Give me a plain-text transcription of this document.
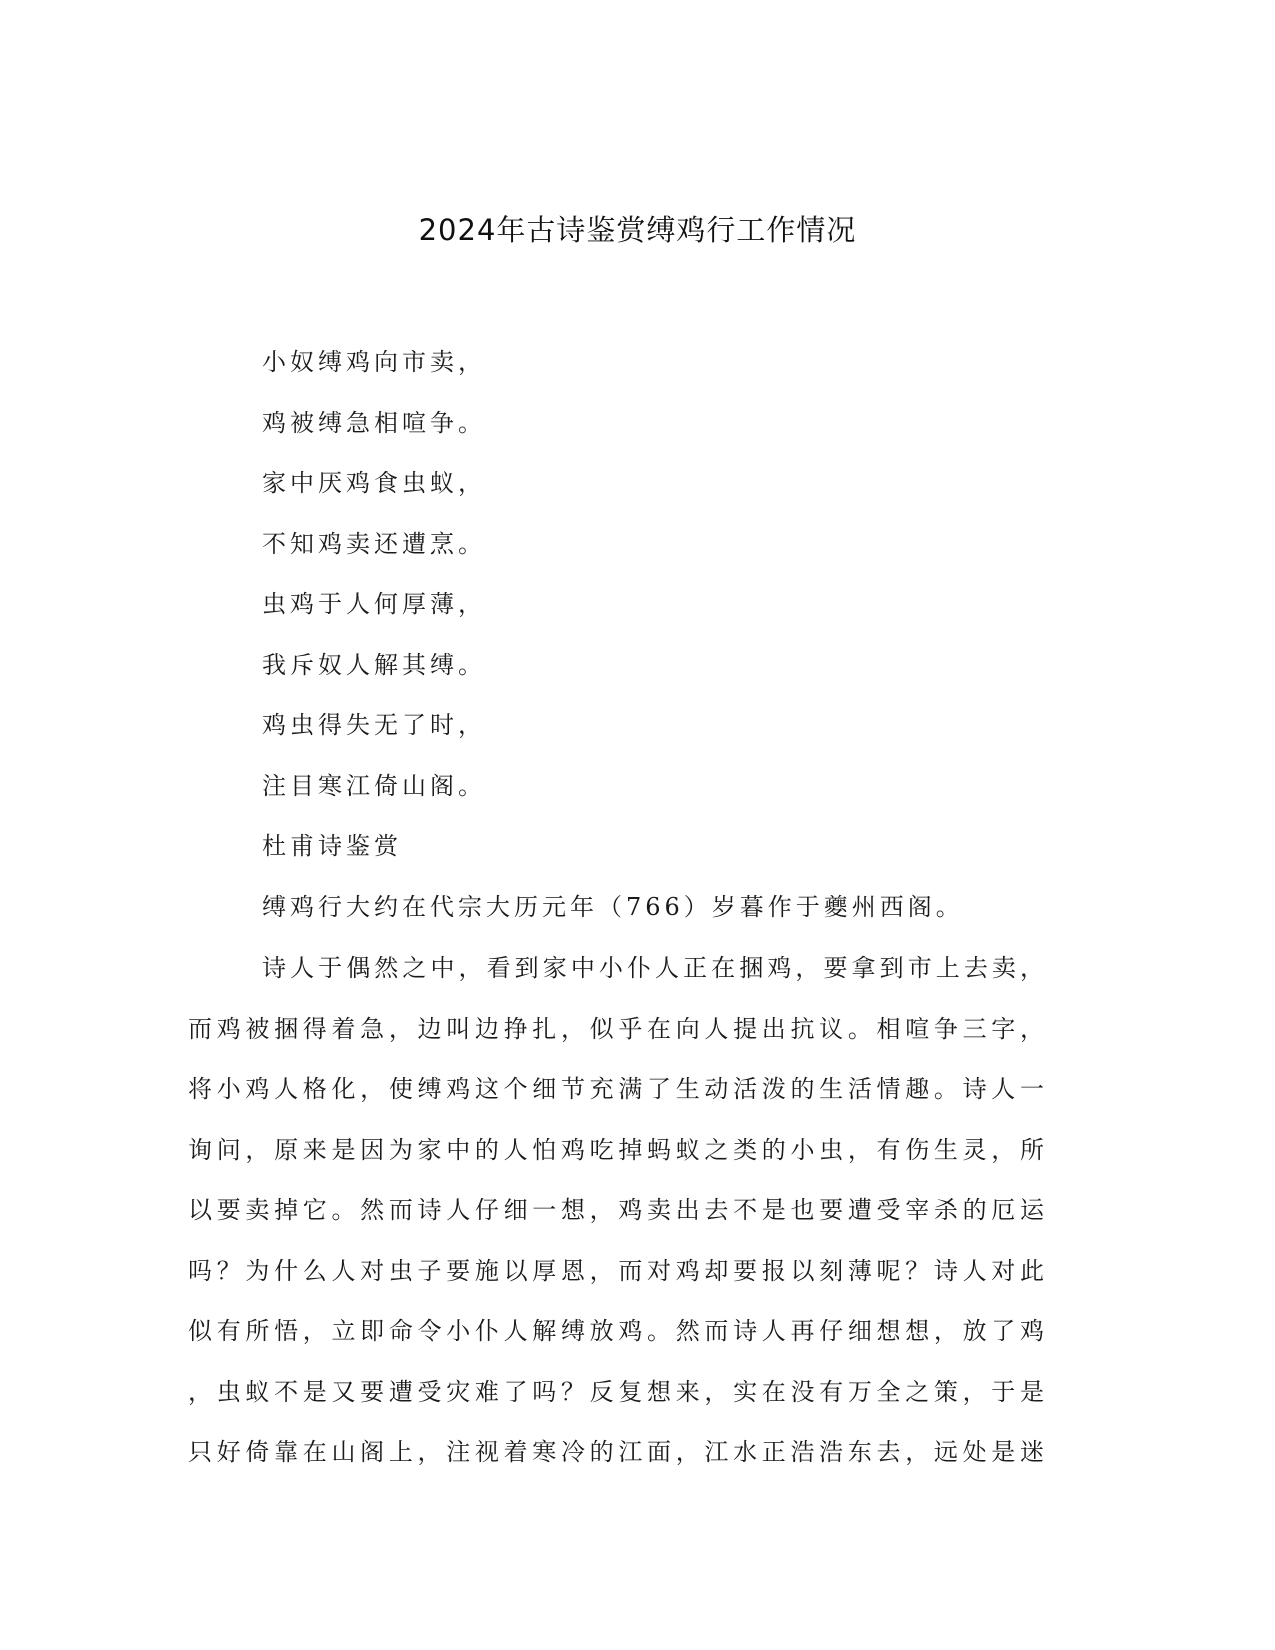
2024年古诗鉴赏缚鸡行工作情况
小奴缚鸡向市卖，
鸡被缚急相喧争。
家中厌鸡食虫蚁，
不知鸡卖还遭烹。
虫鸡于人何厚薄，
我斥奴人解其缚。
鸡虫得失无了时，
注目寒江倚山阁。
杜甫诗鉴赏

缚鸡行大约在代宗大历元年（766）岁暮作于夔州西阁。

诗人于偶然之中，看到家中小仆人正在捆鸡，要拿到市上去卖，
而鸡被捆得着急，边叫边挣扎，似乎在向人提出抗议。相喧争三字，
将小鸡人格化，使缚鸡这个细节充满了生动活泼的生活情趣。诗人一
询问，原来是因为家中的人怕鸡吃掉蚂蚁之类的小虫，有伤生灵，所
以要卖掉它。然而诗人仔细一想，鸡卖出去不是也要遭受宰杀的厄运
吗？为什么人对虫子要施以厚恩，而对鸡却要报以刻薄呢？诗人对此
似有所悟，立即命令小仆人解缚放鸡。然而诗人再仔细想想，放了鸡
，虫蚁不是又要遭受灾难了吗？反复想来，实在没有万全之策，于是
只好倚靠在山阁上，注视着寒冷的江面，江水正浩浩东去，远处是迷
